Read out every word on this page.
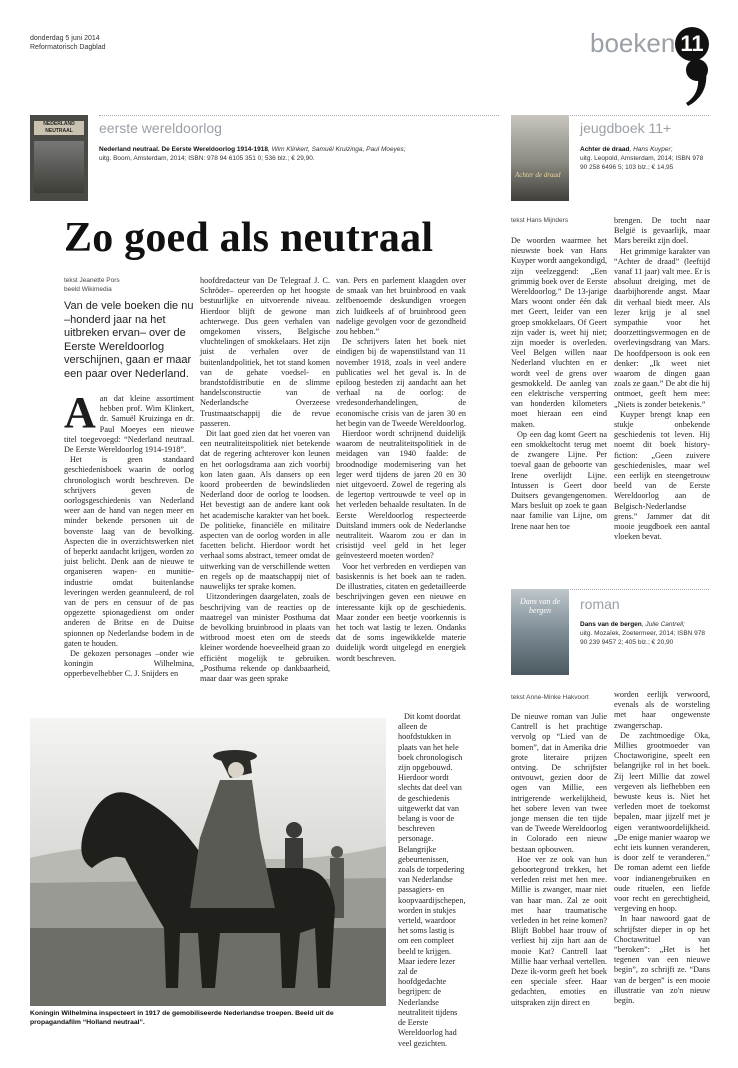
donderdag 5 juni 2014
Reformatorisch Dagblad	boeken 11
NEDERLAND NEUTRAAL	eerste wereldoorlog
Nederland neutraal. De Eerste Wereldoorlog 1914-1918, Wim Klinkert, Samuël Kruizinga, Paul Moeyes; uitg. Boom, Amsterdam, 2014; ISBN: 978 94 6105 351 0; 536 blz.; € 29,90.
Achter de draad
jeugdboek 11+
Achter de draad, Hans Kuyper;
uitg. Leopold, Amsterdam, 2014; ISBN 978 90 258 6496 5; 103 blz.; € 14,95
Zo goed als neutraal
tekst Jeanette Pors
beeld Wikimedia
Van de vele boeken die nu –honderd jaar na het uitbreken ervan– over de Eerste Wereldoorlog verschijnen, gaan er maar een paar over Nederland.

Aan dat kleine assortiment hebben prof. Wim Klinkert, dr. Samuël Kruizinga en dr. Paul Moeyes een nieuwe titel toegevoegd: “Nederland neutraal. De Eerste Wereldoorlog 1914-1918”.

Het is geen standaard geschiedenisboek waarin de oorlog chronologisch wordt beschreven. De schrijvers geven de oorlogsgeschiedenis van Nederland weer aan de hand van negen meer en minder bekende personen uit de bovenste laag van de bevolking. Aspecten die in overzichtswerken niet of beperkt aandacht krijgen, worden zo juist belicht. Denk aan de nieuwe te organiseren wapen- en munitie-industrie omdat buitenlandse leveringen werden geannuleerd, de rol van de pers en censuur of de pas opgezette spionagedienst om onder anderen de Britse en de Duitse spionnen op Nederlandse bodem in de gaten te houden.

De gekozen personages –onder wie koningin Wilhelmina, opperbevelhebber C. J. Snijders en

hoofdredacteur van De Telegraaf J. C. Schröder– opereerden op het hoogste bestuurlijke en uitvoerende niveau. Hierdoor blijft de gewone man achterwege. Dus geen verhalen van omgekomen vissers, Belgische vluchtelingen of smokkelaars. Het zijn juist de verhalen over de buitenlandpolitiek, het tot stand komen van de gehate voedsel- en brandstofdistributie en de slimme handelsconstructie van de Nederlandsche Overzeese Trustmaatschappij die de revue passeren.

Dit laat goed zien dat het voeren van een neutraliteitspolitiek niet betekende dat de regering achterover kon leunen en het oorlogsdrama aan zich voorbij kon laten gaan. Als dansers op een koord probeerden de bewindslieden Nederland door de oorlog te loodsen. Het bevestigt aan de andere kant ook het academische karakter van het boek. De politieke, financiële en militaire aspecten van de oorlog worden in alle facetten belicht. Hierdoor wordt het verhaal soms abstract, temeer omdat de uitwerking van de verschillende wetten en regels op de maatschappij niet of nauwelijks ter sprake komen.

Uitzonderingen daargelaten, zoals de beschrijving van de reacties op de maatregel van minister Posthuma dat de bevolking bruinbrood in plaats van witbrood moest eten om de steeds kleiner wordende hoeveelheid graan zo efficiënt mogelijk te gebruiken. „Posthuma rekende op dankbaarheid, maar daar was geen sprake

van. Pers en parlement klaagden over de smaak van het bruinbrood en vaak zelfbenoemde deskundigen vroegen zich luidkeels af of bruinbrood geen nadelige gevolgen voor de gezondheid zou hebben.”

De schrijvers laten het boek niet eindigen bij de wapenstilstand van 11 november 1918, zoals in veel andere publicaties wel het geval is. In de epiloog besteden zij aandacht aan het verhaal na de oorlog: de vredesonderhandelingen, de economische crisis van de jaren 30 en het begin van de Tweede Wereldoorlog.

Hierdoor wordt schrijnend duidelijk waarom de neutraliteitspolitiek in de meidagen van 1940 faalde: de broodnodige modernisering van het leger werd tijdens de jaren 20 en 30 niet uitgevoerd. Zowel de regering als de legertop vertrouwde te veel op in het verleden behaalde resultaten. In de Eerste Wereldoorlog respecteerde Duitsland immers ook de Nederlandse neutraliteit. Waarom zou er dan in crisistijd veel geld in het leger geïnvesteerd moeten worden?

Voor het verbreden en verdiepen van basiskennis is het boek aan te raden. De illustraties, citaten en gedetailleerde beschrijvingen geven een nieuwe en interessante kijk op de geschiedenis. Maar zonder een beetje voorkennis is het toch wat lastig te lezen. Ondanks dat de soms ingewikkelde materie duidelijk wordt uitgelegd en energiek wordt beschreven.

Dit komt doordat alleen de hoofdstukken in plaats van het hele boek chronologisch zijn opgebouwd. Hierdoor wordt slechts dat deel van de geschiedenis uitgewerkt dat van belang is voor de beschreven personage. Belangrijke gebeurtenissen, zoals de torpedering van Nederlandse passagiers- en koopvaardijschepen, worden in stukjes verteld, waardoor het soms lastig is om een compleet beeld te krijgen. Maar iedere lezer zal de hoofdgedachte begrijpen: de Nederlandse neutraliteit tijdens de Eerste Wereldoorlog had veel gezichten.

Koningin Wilhelmina inspecteert in 1917 de gemobiliseerde Nederlandse troepen. Beeld uit de propagandafilm “Holland neutraal”.
tekst Hans Mijnders

De woorden waarmee het nieuwste boek van Hans Kuyper wordt aangekondigd, zijn veelzeggend: „Een grimmig boek over de Eerste Wereldoorlog.” De 13-jarige Mars woont onder één dak met Geert, leider van een groep smokkelaars. Of Geert zijn vader is, weet hij niet; zijn moeder is overleden. Veel Belgen willen naar Nederland vluchten en er wordt veel de grens over gesmokkeld. De aanleg van een elektrische versperring van honderden kilometers moet hieraan een eind maken.

Op een dag komt Geert na een smokkeltocht terug met de zwangere Lijne. Per toeval gaan de geboorte van Irene overlijdt Lijne. Intussen is Geert door Duitsers gevangengenomen. Mars besluit op zoek te gaan naar familie van Lijne, om Irene naar hen toe

brengen. De tocht naar België is gevaarlijk, maar Mars bereikt zijn doel.

Het grimmige karakter van “Achter de draad” (leeftijd vanaf 11 jaar) valt mee. Er is absoluut dreiging, met de daarbijhorende angst. Maar dit verhaal biedt meer. Als lezer krijg je al snel sympathie voor het doorzettingsvermogen en de overlevingsdrang van Mars. De hoofdpersoon is ook een denker: „Ik weet niet waarom de dingen gaan zoals ze gaan.” De abt die hij ontmoet, geeft hem mee: „Niets is zonder betekenis.”

Kuyper brengt knap een stukje onbekende geschiedenis tot leven. Hij noemt dit boek history-fiction: „Geen zuivere geschiedenisles, maar wel een eerlijk en steengetrouw beeld van de Eerste Wereldoorlog aan de Belgisch-Nederlandse grens.” Jammer dat dit mooie jeugdboek een aantal vloeken bevat.

Dans van de bergen	roman
Dans van de bergen, Julie Cantrell;
uitg. Mozaïek, Zoetermeer, 2014; ISBN 978 90 239 9457 2; 405 blz.; € 20,90
tekst Anne-Minke Hakvoort

De nieuwe roman van Julie Cantrell is het prachtige vervolg op “Lied van de bomen”, dat in Amerika drie grote literaire prijzen ontving. De schrijfster ontvouwt, gezien door de ogen van Millie, een intrigerende werkelijkheid, het sobere leven van twee jonge mensen die ten tijde van de Tweede Wereldoorlog in Colorado een nieuw bestaan opbouwen.

Hoe ver ze ook van hun geboortegrond trekken, het verleden reist met hen mee. Millie is zwanger, maar niet van haar man. Zal ze ooit met haar traumatische verleden in het reine komen? Blijft Bobbel haar trouw of verliest hij zijn hart aan de mooie Kat? Cantrell laat Millie haar verhaal vertellen. Deze ik-vorm geeft het boek een speciale sfeer. Haar gedachten, emoties en uitspraken zijn direct en

worden eerlijk verwoord, evenals als de worsteling met haar ongewenste zwangerschap.

De zachtmoedige Oka, Millies grootmoeder van Choctaworigine, speelt een belangrijke rol in het boek. Zij leert Millie dat zowel vergeven als liefhebben een bewuste keus is. Niet het verleden moet de toekomst bepalen, maar jijzelf met je eigen verantwoordelijkheid. „De enige manier waarop we echt iets kunnen veranderen, is door zelf te veranderen.” De roman ademt een liefde voor indianengebruiken en oude rituelen, een liefde voor recht en gerechtigheid, vergeving en hoop.

In haar nawoord gaat de schrijfster dieper in op het Choctawrituel van “beroken”: „Het is het tegenen van een nieuwe begin”, zo schrijft ze. “Dans van de bergen” is een mooie illustratie van zo'n nieuw begin.
